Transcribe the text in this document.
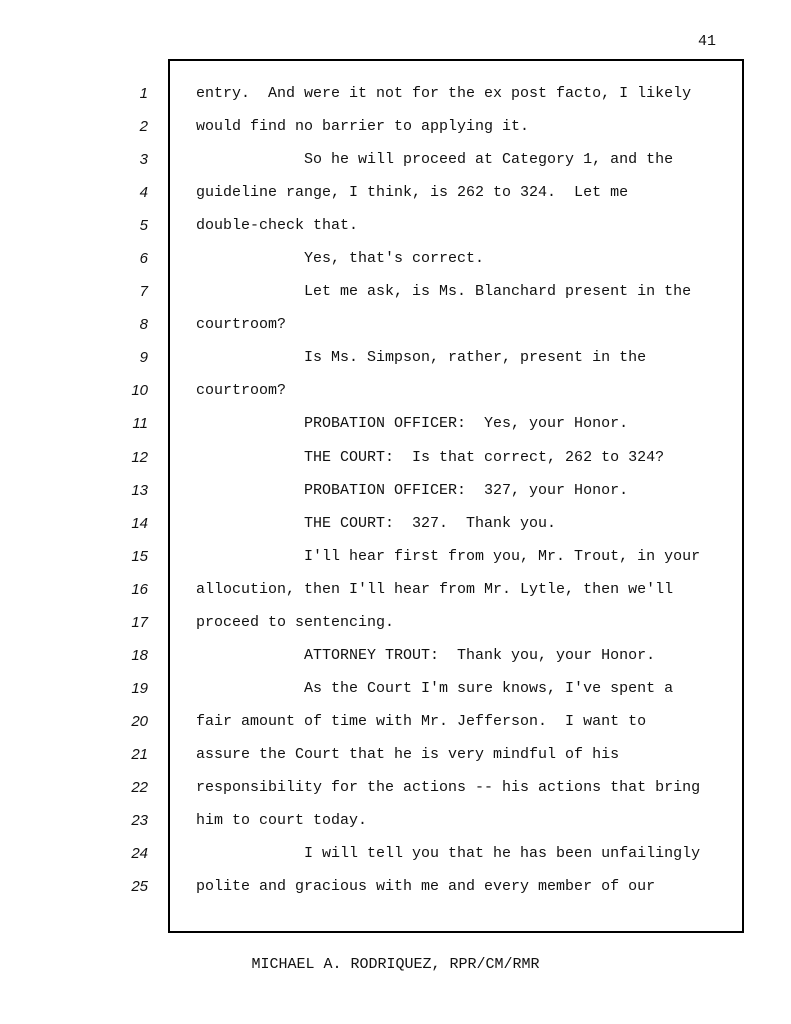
41
1
2
3
4
5
6
7
8
9
10
11
12
13
14
15
16
17
18
19
20
21
22
23
24
25
entry.  And were it not for the ex post facto, I likely
would find no barrier to applying it.
So he will proceed at Category 1, and the
guideline range, I think, is 262 to 324.  Let me
double-check that.
Yes, that's correct.
Let me ask, is Ms. Blanchard present in the
courtroom?
Is Ms. Simpson, rather, present in the
courtroom?
PROBATION OFFICER:  Yes, your Honor.
THE COURT:  Is that correct, 262 to 324?
PROBATION OFFICER:  327, your Honor.
THE COURT:  327.  Thank you.
I'll hear first from you, Mr. Trout, in your
allocution, then I'll hear from Mr. Lytle, then we'll
proceed to sentencing.
ATTORNEY TROUT:  Thank you, your Honor.
As the Court I'm sure knows, I've spent a
fair amount of time with Mr. Jefferson.  I want to
assure the Court that he is very mindful of his
responsibility for the actions -- his actions that bring
him to court today.
I will tell you that he has been unfailingly
polite and gracious with me and every member of our
MICHAEL A. RODRIQUEZ, RPR/CM/RMR
